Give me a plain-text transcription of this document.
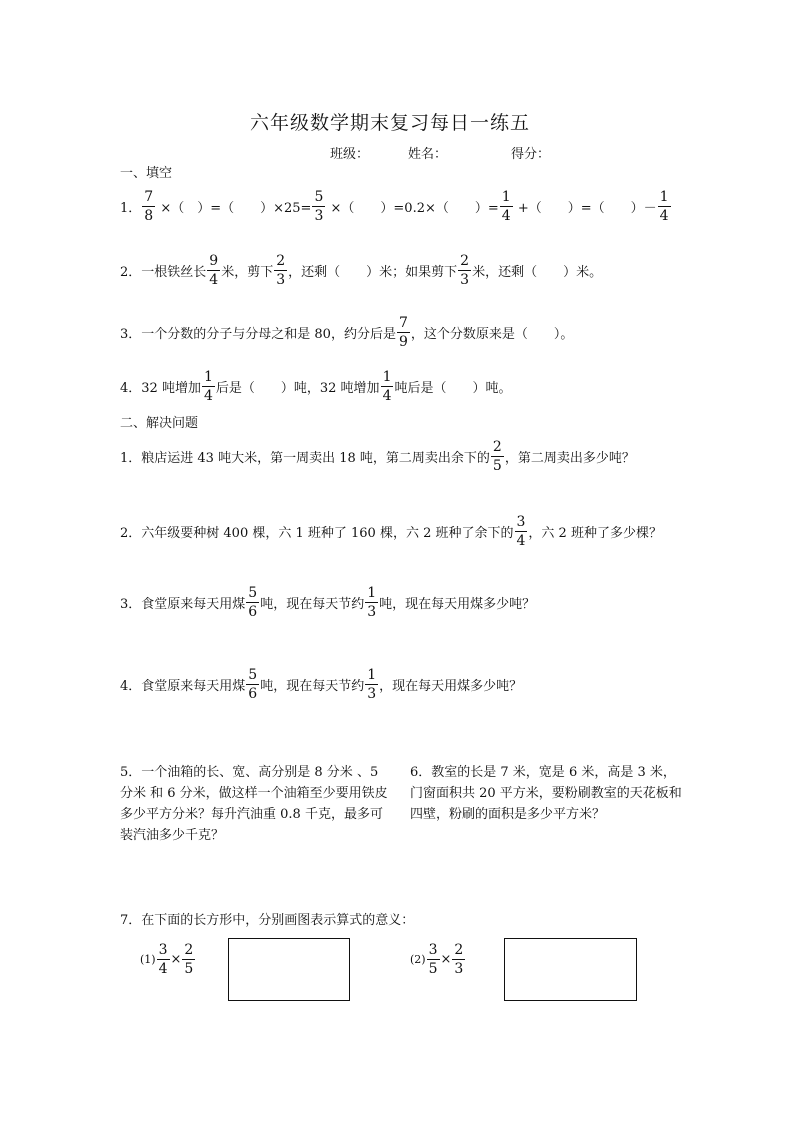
六年级数学期末复习每日一练五
班级：	姓名：	得分：
一、填空
1． $\frac{7}{8}$ ×（　）=（　　）$\times 25= \frac{5}{3}$ ×（　　）=0.2×（　　）= $\frac{1}{4}$ +（　　）=（　　）－ $\frac{1}{4}$
2．一根铁丝长 $\frac{9}{4}$ 米，剪下 $\frac{2}{3}$ ，还剩（　　）米；如果剪下 $\frac{2}{3}$ 米，还剩（　　）米。
3．一个分数的分子与分母之和是 80，约分后是 $\frac{7}{9}$ ，这个分数原来是（　　）。
4．32 吨增加 $\frac{1}{4}$ 后是（　　）吨，32 吨增加 $\frac{1}{4}$ 吨后是（　　）吨。
二、解决问题
1．粮店运进 43 吨大米，第一周卖出 18 吨，第二周卖出余下的 $\frac{2}{5}$ ，第二周卖出多少吨？
2．六年级要种树 400 棵，六 1 班种了 160 棵，六 2 班种了余下的 $\frac{3}{4}$ ，六 2 班种了多少棵？
3．食堂原来每天用煤 $\frac{5}{6}$ 吨，现在每天节约 $\frac{1}{3}$ 吨，现在每天用煤多少吨？
4．食堂原来每天用煤 $\frac{5}{6}$ 吨，现在每天节约 $\frac{1}{3}$ ，现在每天用煤多少吨？
5．一个油箱的长、宽、高分别是 8 分米 、5 分米 和 6 分米，做这样一个油箱至少要用铁皮多少平方分米？每升汽油重 0.8 千克，最多可装汽油多少千克？
6．教室的长是 7 米，宽是 6 米，高是 3 米，门窗面积共 20 平方米，要粉刷教室的天花板和四壁，粉刷的面积是多少平方米？
7．在下面的长方形中，分别画图表示算式的意义：
$(1) \frac{3}{4} \times \frac{2}{5}$	$(2) \frac{3}{5} \times \frac{2}{3}$
